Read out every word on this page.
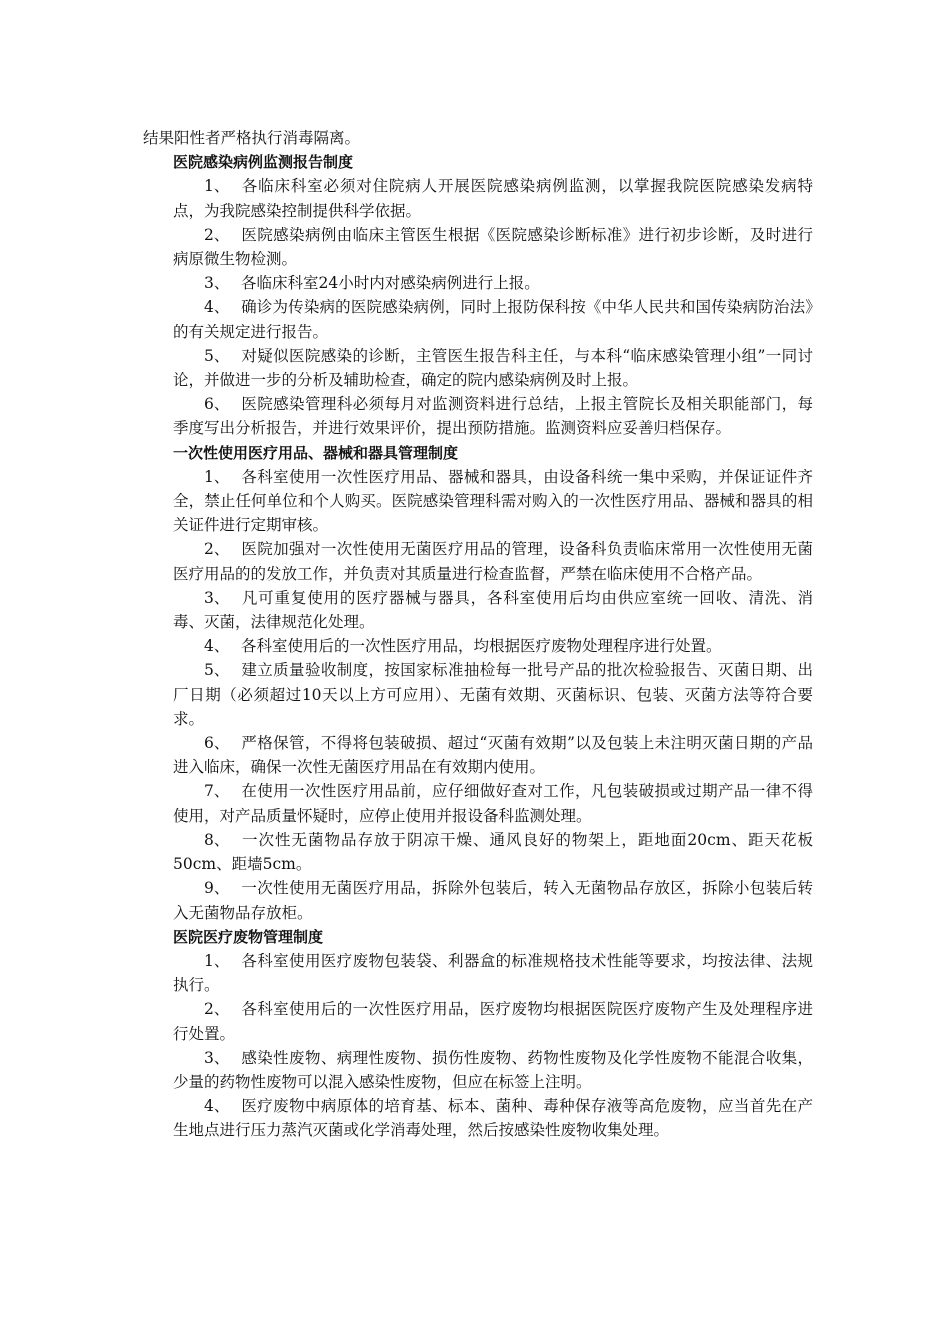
结果阳性者严格执行消毒隔离。
医院感染病例监测报告制度

1、 各临床科室必须对住院病人开展医院感染病例监测，以掌握我院医院感染发病特点，为我院感染控制提供科学依据。

2、 医院感染病例由临床主管医生根据《医院感染诊断标准》进行初步诊断，及时进行病原微生物检测。

3、 各临床科室24小时内对感染病例进行上报。

4、 确诊为传染病的医院感染病例，同时上报防保科按《中华人民共和国传染病防治法》的有关规定进行报告。

5、 对疑似医院感染的诊断，主管医生报告科主任，与本科“临床感染管理小组”一同讨论，并做进一步的分析及辅助检查，确定的院内感染病例及时上报。

6、 医院感染管理科必须每月对监测资料进行总结，上报主管院长及相关职能部门，每季度写出分析报告，并进行效果评价，提出预防措施。监测资料应妥善归档保存。

一次性使用医疗用品、器械和器具管理制度

1、 各科室使用一次性医疗用品、器械和器具，由设备科统一集中采购，并保证证件齐全，禁止任何单位和个人购买。医院感染管理科需对购入的一次性医疗用品、器械和器具的相关证件进行定期审核。

2、 医院加强对一次性使用无菌医疗用品的管理，设备科负责临床常用一次性使用无菌医疗用品的的发放工作，并负责对其质量进行检查监督，严禁在临床使用不合格产品。

3、 凡可重复使用的医疗器械与器具，各科室使用后均由供应室统一回收、清洗、消毒、灭菌，法律规范化处理。

4、 各科室使用后的一次性医疗用品，均根据医疗废物处理程序进行处置。

5、 建立质量验收制度，按国家标准抽检每一批号产品的批次检验报告、灭菌日期、出厂日期（必须超过10天以上方可应用）、无菌有效期、灭菌标识、包装、灭菌方法等符合要求。

6、 严格保管，不得将包装破损、超过“灭菌有效期”以及包装上未注明灭菌日期的产品进入临床，确保一次性无菌医疗用品在有效期内使用。

7、 在使用一次性医疗用品前，应仔细做好查对工作，凡包装破损或过期产品一律不得使用，对产品质量怀疑时，应停止使用并报设备科监测处理。

8、 一次性无菌物品存放于阴凉干燥、通风良好的物架上，距地面20cm、距天花板50cm、距墙5cm。

9、 一次性使用无菌医疗用品，拆除外包装后，转入无菌物品存放区，拆除小包装后转入无菌物品存放柜。

医院医疗废物管理制度

1、 各科室使用医疗废物包装袋、利器盒的标准规格技术性能等要求，均按法律、法规执行。

2、 各科室使用后的一次性医疗用品，医疗废物均根据医院医疗废物产生及处理程序进行处置。

3、 感染性废物、病理性废物、损伤性废物、药物性废物及化学性废物不能混合收集，少量的药物性废物可以混入感染性废物，但应在标签上注明。

4、 医疗废物中病原体的培育基、标本、菌种、毒种保存液等高危废物，应当首先在产生地点进行压力蒸汽灭菌或化学消毒处理，然后按感染性废物收集处理。
